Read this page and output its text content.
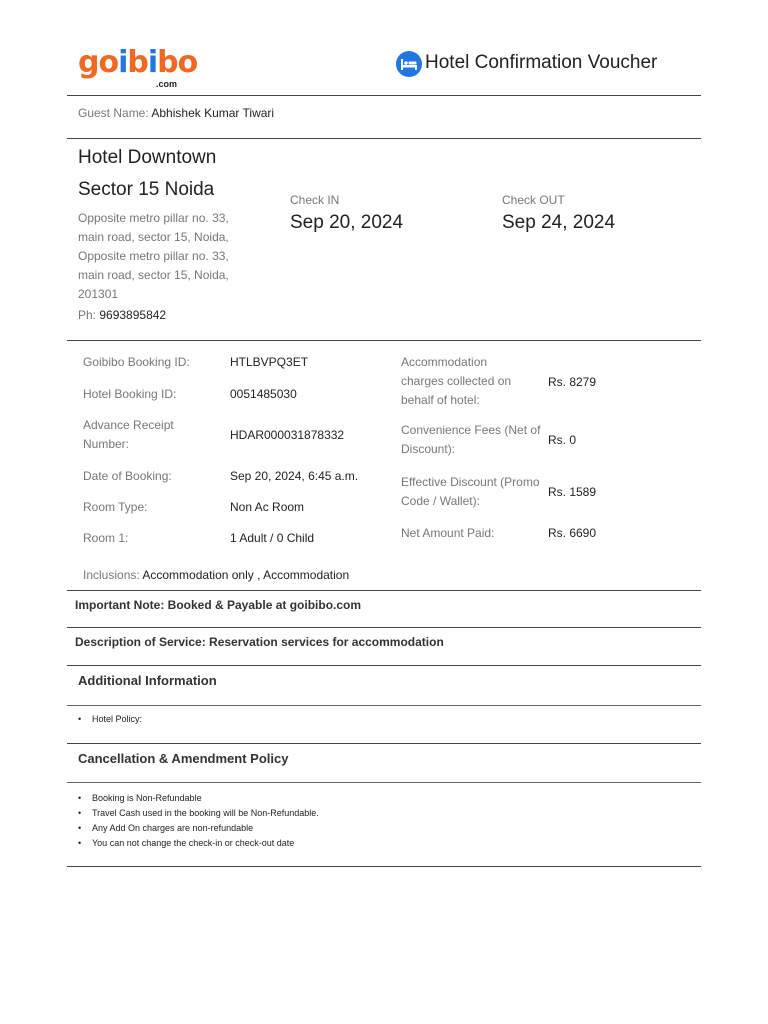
goibibo
.com
Hotel Confirmation Voucher
Guest Name: Abhishek Kumar Tiwari
Hotel Downtown
Sector 15 Noida
Opposite metro pillar no. 33, main road, sector 15, Noida, Opposite metro pillar no. 33, main road, sector 15, Noida, 201301
Ph: 9693895842
Check IN
Sep 20, 2024
Check OUT
Sep 24, 2024
Goibibo Booking ID:	HTLBVPQ3ET
Hotel Booking ID:	0051485030
Advance Receipt Number:
HDAR000031878332
Date of Booking:	Sep 20, 2024, 6:45 a.m.
Room Type:	Non Ac Room
Room 1:	1 Adult / 0 Child
Accommodation charges collected on behalf of hotel:
Rs. 8279
Convenience Fees (Net of Discount):
Rs. 0
Effective Discount (Promo Code / Wallet):
Rs. 1589
Net Amount Paid:	Rs. 6690
Inclusions: Accommodation only , Accommodation
Important Note: Booked & Payable at goibibo.com
Description of Service: Reservation services for accommodation
Additional Information
• Hotel Policy:
Cancellation & Amendment Policy
• Booking is Non-Refundable
• Travel Cash used in the booking will be Non-Refundable.
• Any Add On charges are non-refundable
• You can not change the check-in or check-out date
